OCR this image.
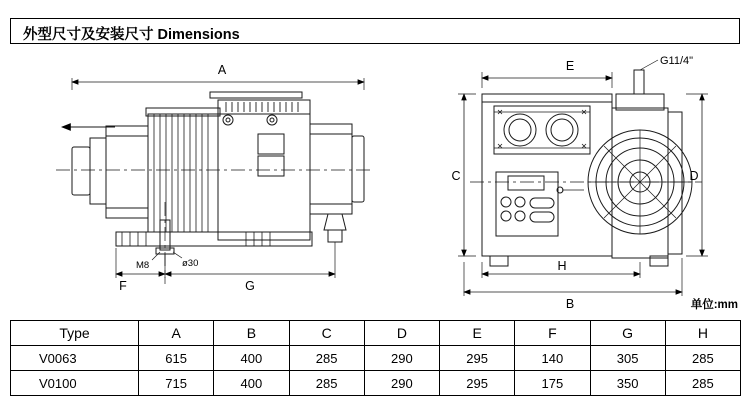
外型尺寸及安装尺寸 Dimensions
A
F	G
E
C	D
H
B
M8	ø30
G11/4"
单位:mm
Type	A	B	C	D	E	F	G	H
V0063	615	400	285	290	295	140	305	285
V0100	715	400	285	290	295	175	350	285
